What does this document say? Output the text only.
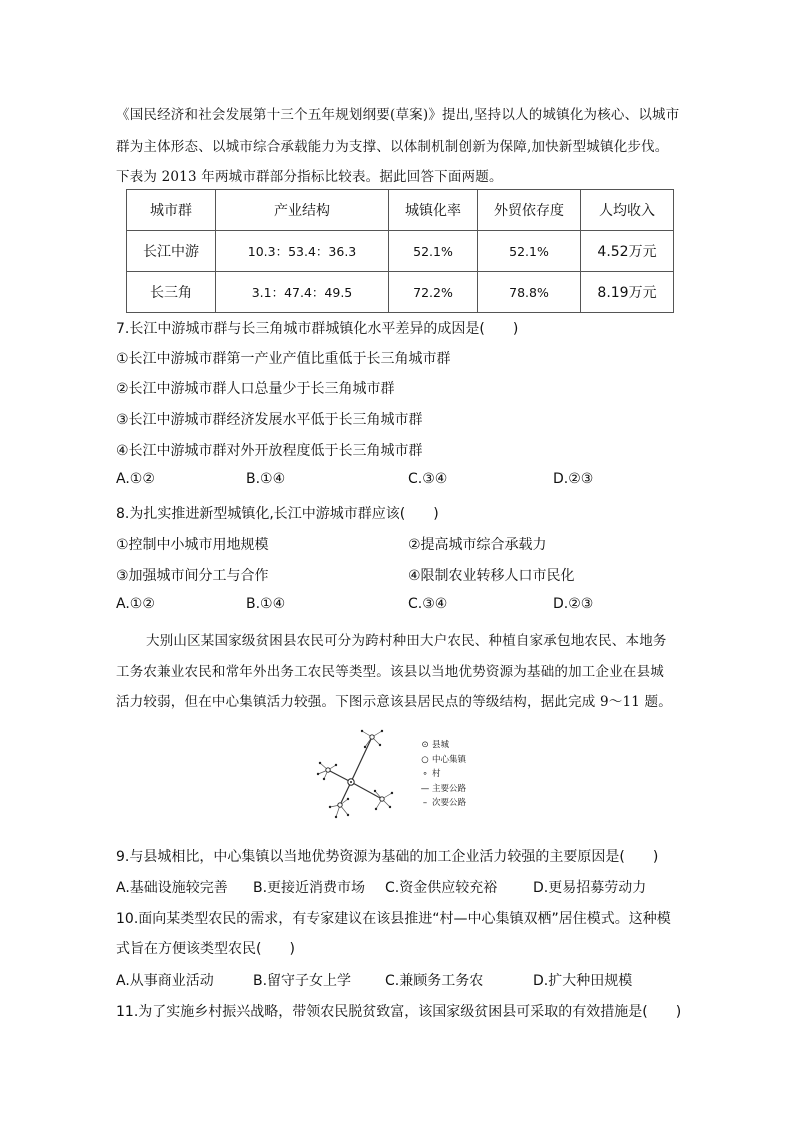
《国民经济和社会发展第十三个五年规划纲要(草案)》提出,坚持以人的城镇化为核心、以城市
群为主体形态、以城市综合承载能力为支撑、以体制机制创新为保障,加快新型城镇化步伐。
下表为 2013 年两城市群部分指标比较表。据此回答下面两题。
城市群	产业结构	城镇化率	外贸依存度	人均收入
长江中游	10.3：53.4：36.3	52.1%	52.1%	4.52万元
长三角	3.1：47.4：49.5	72.2%	78.8%	8.19万元
7.长江中游城市群与长三角城市群城镇化水平差异的成因是(　　)
①长江中游城市群第一产业产值比重低于长三角城市群
②长江中游城市群人口总量少于长三角城市群
③长江中游城市群经济发展水平低于长三角城市群
④长江中游城市群对外开放程度低于长三角城市群
A.①②	B.①④	C.③④	D.②③
8.为扎实推进新型城镇化,长江中游城市群应该(　　)
①控制中小城市用地规模	②提高城市综合承载力
③加强城市间分工与合作	④限制农业转移人口市民化
A.①②	B.①④	C.③④	D.②③
大别山区某国家级贫困县农民可分为跨村种田大户农民、种植自家承包地农民、本地务
工务农兼业农民和常年外出务工农民等类型。该县以当地优势资源为基础的加工企业在县城
活力较弱，但在中心集镇活力较强。下图示意该县居民点的等级结构，据此完成 9～11 题。
⊙ 县城
○ 中心集镇
∘ 村
— 主要公路
– 次要公路
9.与县城相比，中心集镇以当地优势资源为基础的加工企业活力较强的主要原因是(　　)
A.基础设施较完善 B.更接近消费市场 C.资金供应较充裕	D.更易招募劳动力
10.面向某类型农民的需求，有专家建议在该县推进“村—中心集镇双栖”居住模式。这种模
式旨在方便该类型农民(　　)
A.从事商业活动	B.留守子女上学 C.兼顾务工务农	D.扩大种田规模
11.为了实施乡村振兴战略，带领农民脱贫致富，该国家级贫困县可采取的有效措施是(　　)
